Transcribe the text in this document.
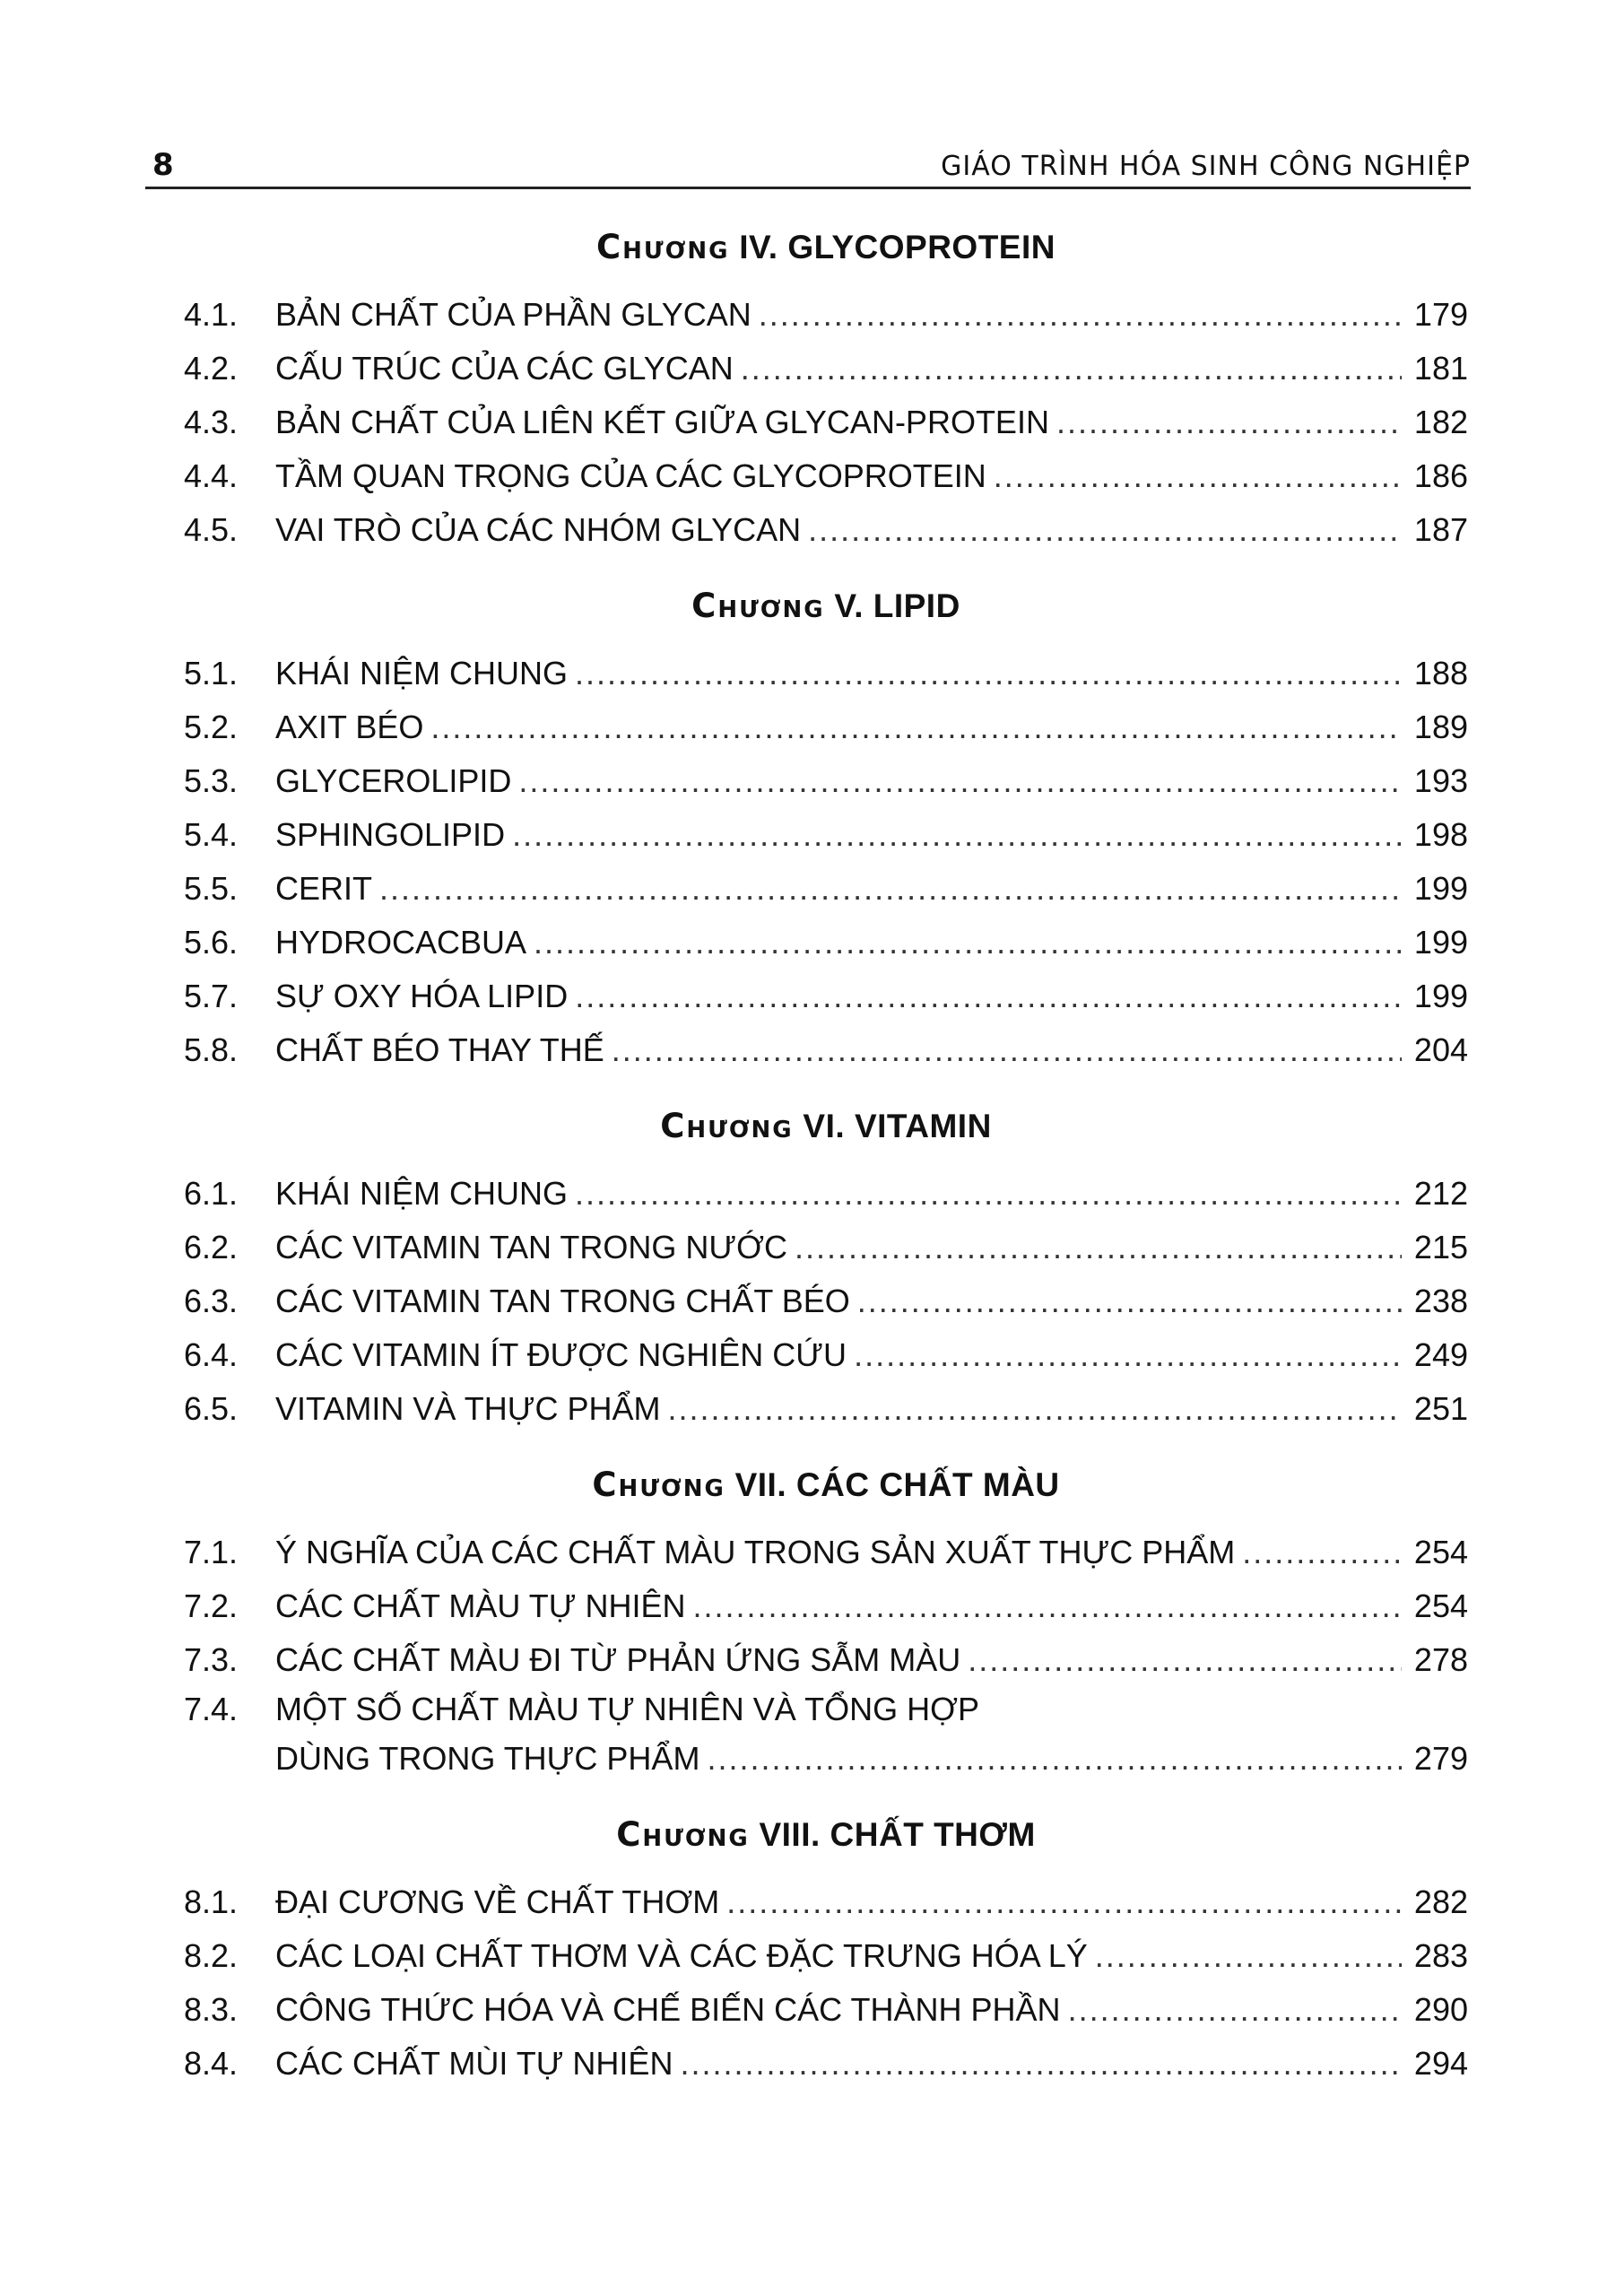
8	GIÁO TRÌNH HÓA SINH CÔNG NGHIỆP
Chương IV. GLYCOPROTEIN
4.1.	BẢN CHẤT CỦA PHẦN GLYCAN .....	179
4.2.	CẤU TRÚC CỦA CÁC GLYCAN .....	181
4.3.	BẢN CHẤT CỦA LIÊN KẾT GIỮA GLYCAN-PROTEIN .....	182
4.4.	TẦM QUAN TRỌNG CỦA CÁC GLYCOPROTEIN .....	186
4.5.	VAI TRÒ CỦA CÁC NHÓM GLYCAN .....	187
Chương V. LIPID
5.1.	KHÁI NIỆM CHUNG .....	188
5.2.	AXIT BÉO .....	189
5.3.	GLYCEROLIPID .....	193
5.4.	SPHINGOLIPID .....	198
5.5.	CERIT .....	199
5.6.	HYDROCACBUA .....	199
5.7.	SỰ OXY HÓA LIPID .....	199
5.8.	CHẤT BÉO THAY THẾ .....	204
Chương VI. VITAMIN
6.1.	KHÁI NIỆM CHUNG .....	212
6.2.	CÁC VITAMIN TAN TRONG NƯỚC .....	215
6.3.	CÁC VITAMIN TAN TRONG CHẤT BÉO .....	238
6.4.	CÁC VITAMIN ÍT ĐƯỢC NGHIÊN CỨU .....	249
6.5.	VITAMIN VÀ THỰC PHẨM .....	251
Chương VII. CÁC CHẤT MÀU
7.1.	Ý NGHĨA CỦA CÁC CHẤT MÀU TRONG SẢN XUẤT THỰC PHẨM .....	254
7.2.	CÁC CHẤT MÀU TỰ NHIÊN .....	254
7.3.	CÁC CHẤT MÀU ĐI TỪ PHẢN ỨNG SẪM MÀU .....	278
7.4.	MỘT SỐ CHẤT MÀU TỰ NHIÊN VÀ TỔNG HỢP
DÙNG TRONG THỰC PHẨM .....	279
Chương VIII. CHẤT THƠM
8.1.	ĐẠI CƯƠNG VỀ CHẤT THƠM .....	282
8.2.	CÁC LOẠI CHẤT THƠM VÀ CÁC ĐẶC TRƯNG HÓA LÝ .....	283
8.3.	CÔNG THỨC HÓA VÀ CHẾ BIẾN CÁC THÀNH PHẦN .....	290
8.4.	CÁC CHẤT MÙI TỰ NHIÊN .....	294
